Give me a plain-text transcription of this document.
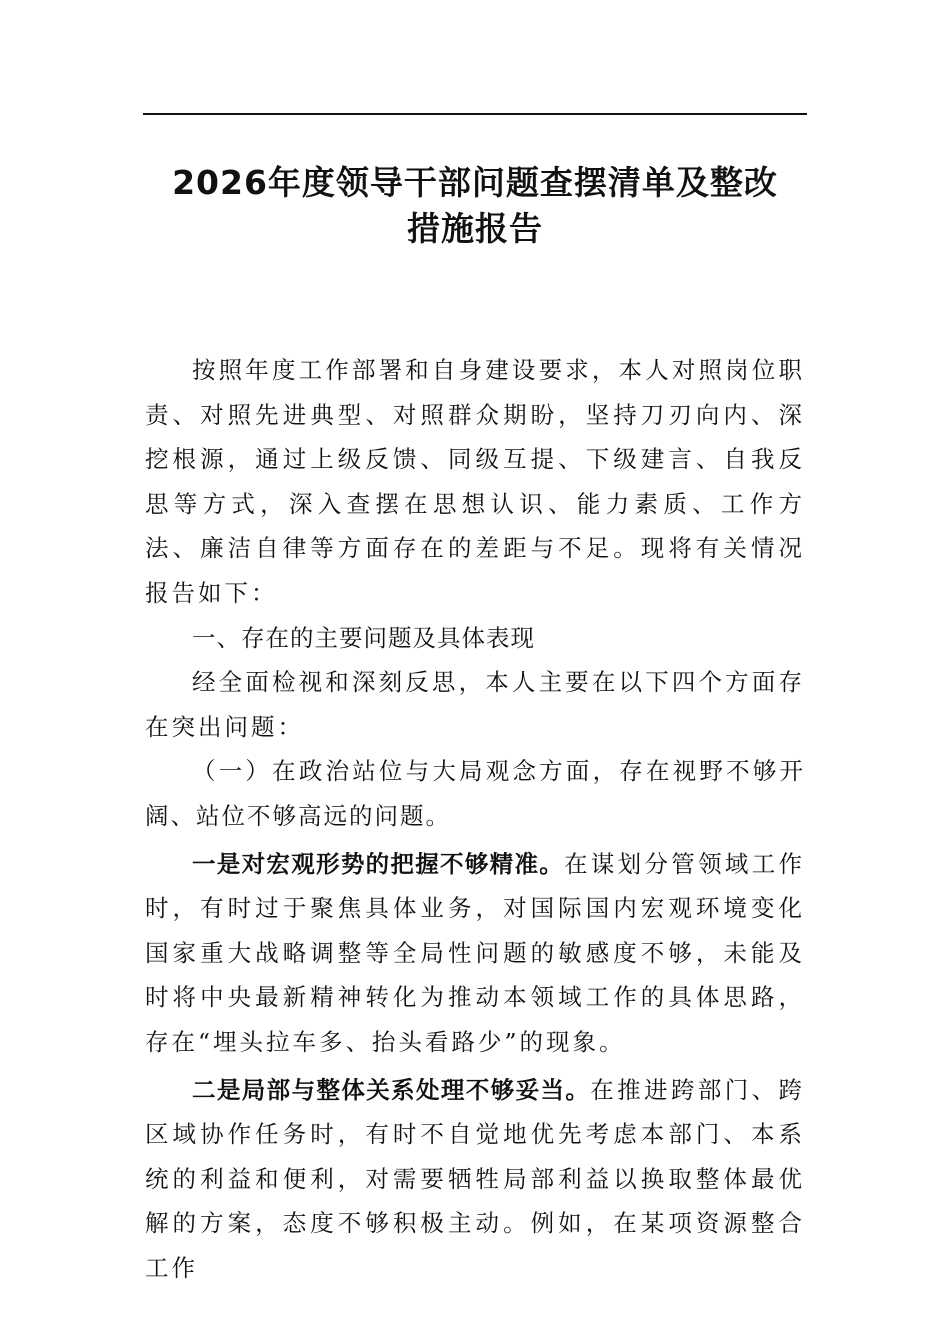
2026年度领导干部问题查摆清单及整改
措施报告

按照年度工作部署和自身建设要求，本人对照岗位职责、对照先进典型、对照群众期盼，坚持刀刃向内、深挖根源，通过上级反馈、同级互提、下级建言、自我反思等方式，深入查摆在思想认识、能力素质、工作方法、廉洁自律等方面存在的差距与不足。现将有关情况报告如下：

一、存在的主要问题及具体表现

经全面检视和深刻反思，本人主要在以下四个方面存在突出问题：

（一）在政治站位与大局观念方面，存在视野不够开阔、站位不够高远的问题。

一是对宏观形势的把握不够精准。在谋划分管领域工作时，有时过于聚焦具体业务，对国际国内宏观环境变化国家重大战略调整等全局性问题的敏感度不够，未能及时将中央最新精神转化为推动本领域工作的具体思路，存在“埋头拉车多、抬头看路少”的现象。

二是局部与整体关系处理不够妥当。在推进跨部门、跨区域协作任务时，有时不自觉地优先考虑本部门、本系统的利益和便利，对需要牺牲局部利益以换取整体最优解的方案，态度不够积极主动。例如，在某项资源整合工作
